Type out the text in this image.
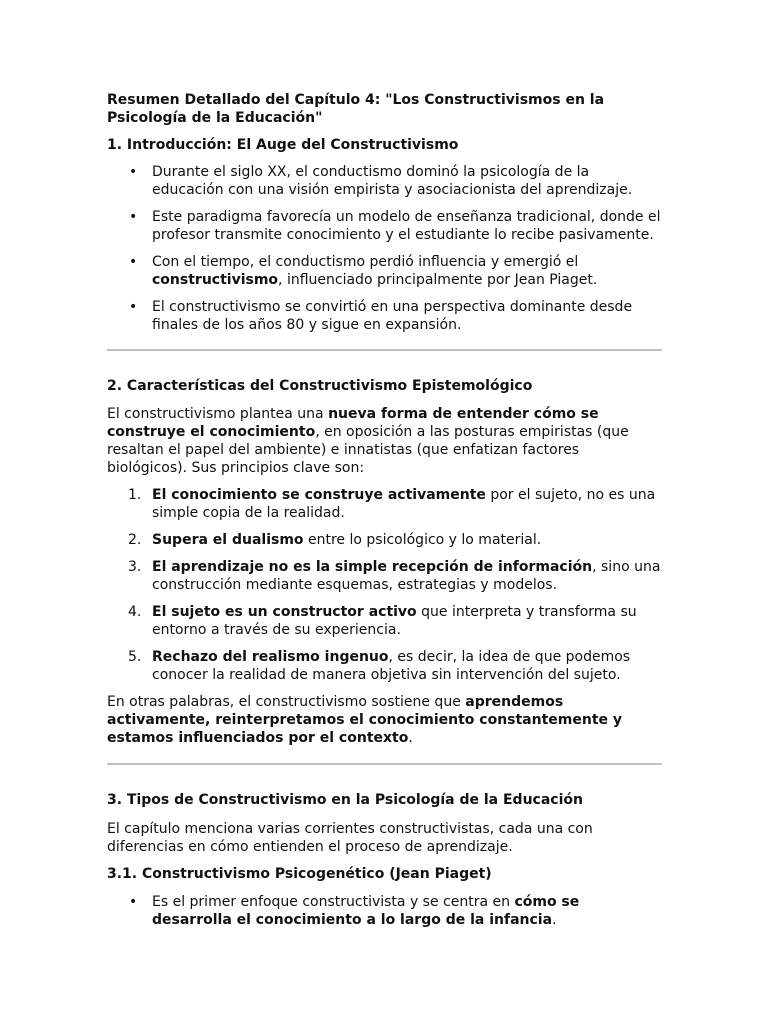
Resumen Detallado del Capítulo 4: "Los Constructivismos en la Psicología de la Educación"
1. Introducción: El Auge del Constructivismo
• Durante el siglo XX, el conductismo dominó la psicología de la educación con una visión empirista y asociacionista del aprendizaje.
• Este paradigma favorecía un modelo de enseñanza tradicional, donde el profesor transmite conocimiento y el estudiante lo recibe pasivamente.
• Con el tiempo, el conductismo perdió influencia y emergió el constructivismo, influenciado principalmente por Jean Piaget.
• El constructivismo se convirtió en una perspectiva dominante desde finales de los años 80 y sigue en expansión.
2. Características del Constructivismo Epistemológico

El constructivismo plantea una nueva forma de entender cómo se construye el conocimiento, en oposición a las posturas empiristas (que resaltan el papel del ambiente) e innatistas (que enfatizan factores biológicos). Sus principios clave son:

1. El conocimiento se construye activamente por el sujeto, no es una simple copia de la realidad.
2. Supera el dualismo entre lo psicológico y lo material.
3. El aprendizaje no es la simple recepción de información, sino una construcción mediante esquemas, estrategias y modelos.
4. El sujeto es un constructor activo que interpreta y transforma su entorno a través de su experiencia.
5. Rechazo del realismo ingenuo, es decir, la idea de que podemos conocer la realidad de manera objetiva sin intervención del sujeto.

En otras palabras, el constructivismo sostiene que aprendemos activamente, reinterpretamos el conocimiento constantemente y estamos influenciados por el contexto.

3. Tipos de Constructivismo en la Psicología de la Educación

El capítulo menciona varias corrientes constructivistas, cada una con diferencias en cómo entienden el proceso de aprendizaje.

3.1. Constructivismo Psicogenético (Jean Piaget)
• Es el primer enfoque constructivista y se centra en cómo se desarrolla el conocimiento a lo largo de la infancia.
